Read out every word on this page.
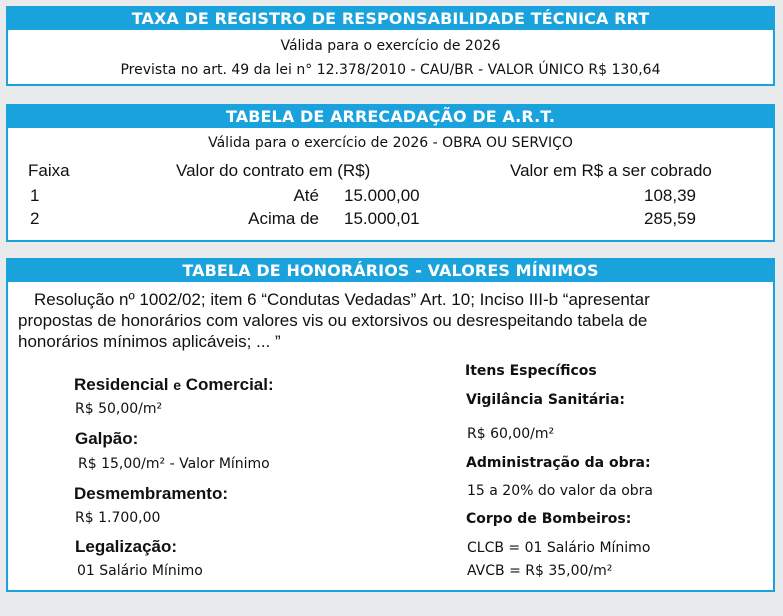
TAXA DE REGISTRO DE RESPONSABILIDADE TÉCNICA RRT
Válida para o exercício de 2026
Prevista no art. 49 da lei n° 12.378/2010 - CAU/BR - VALOR ÚNICO R$ 130,64
TABELA DE ARRECADAÇÃO DE A.R.T.
Válida para o exercício de 2026 - OBRA OU SERVIÇO
Faixa	Valor do contrato em (R$)	Valor em R$ a ser cobrado
1	Até 15.000,00	108,39
2	Acima de 15.000,01	285,59
TABELA DE HONORÁRIOS - VALORES MÍNIMOS
Resolução nº 1002/02; item 6 “Condutas Vedadas” Art. 10; Inciso III-b “apresentar
propostas de honorários com valores vis ou extorsivos ou desrespeitando tabela de
honorários mínimos aplicáveis; ... ”
Residencial e Comercial:
R$ 50,00/m²
Galpão:
R$ 15,00/m² - Valor Mínimo
Desmembramento:
R$ 1.700,00
Legalização:
01 Salário Mínimo
Itens Específicos
Vigilância Sanitária:
R$ 60,00/m²
Administração da obra:
15 a 20% do valor da obra
Corpo de Bombeiros:
CLCB = 01 Salário Mínimo
AVCB = R$ 35,00/m²
